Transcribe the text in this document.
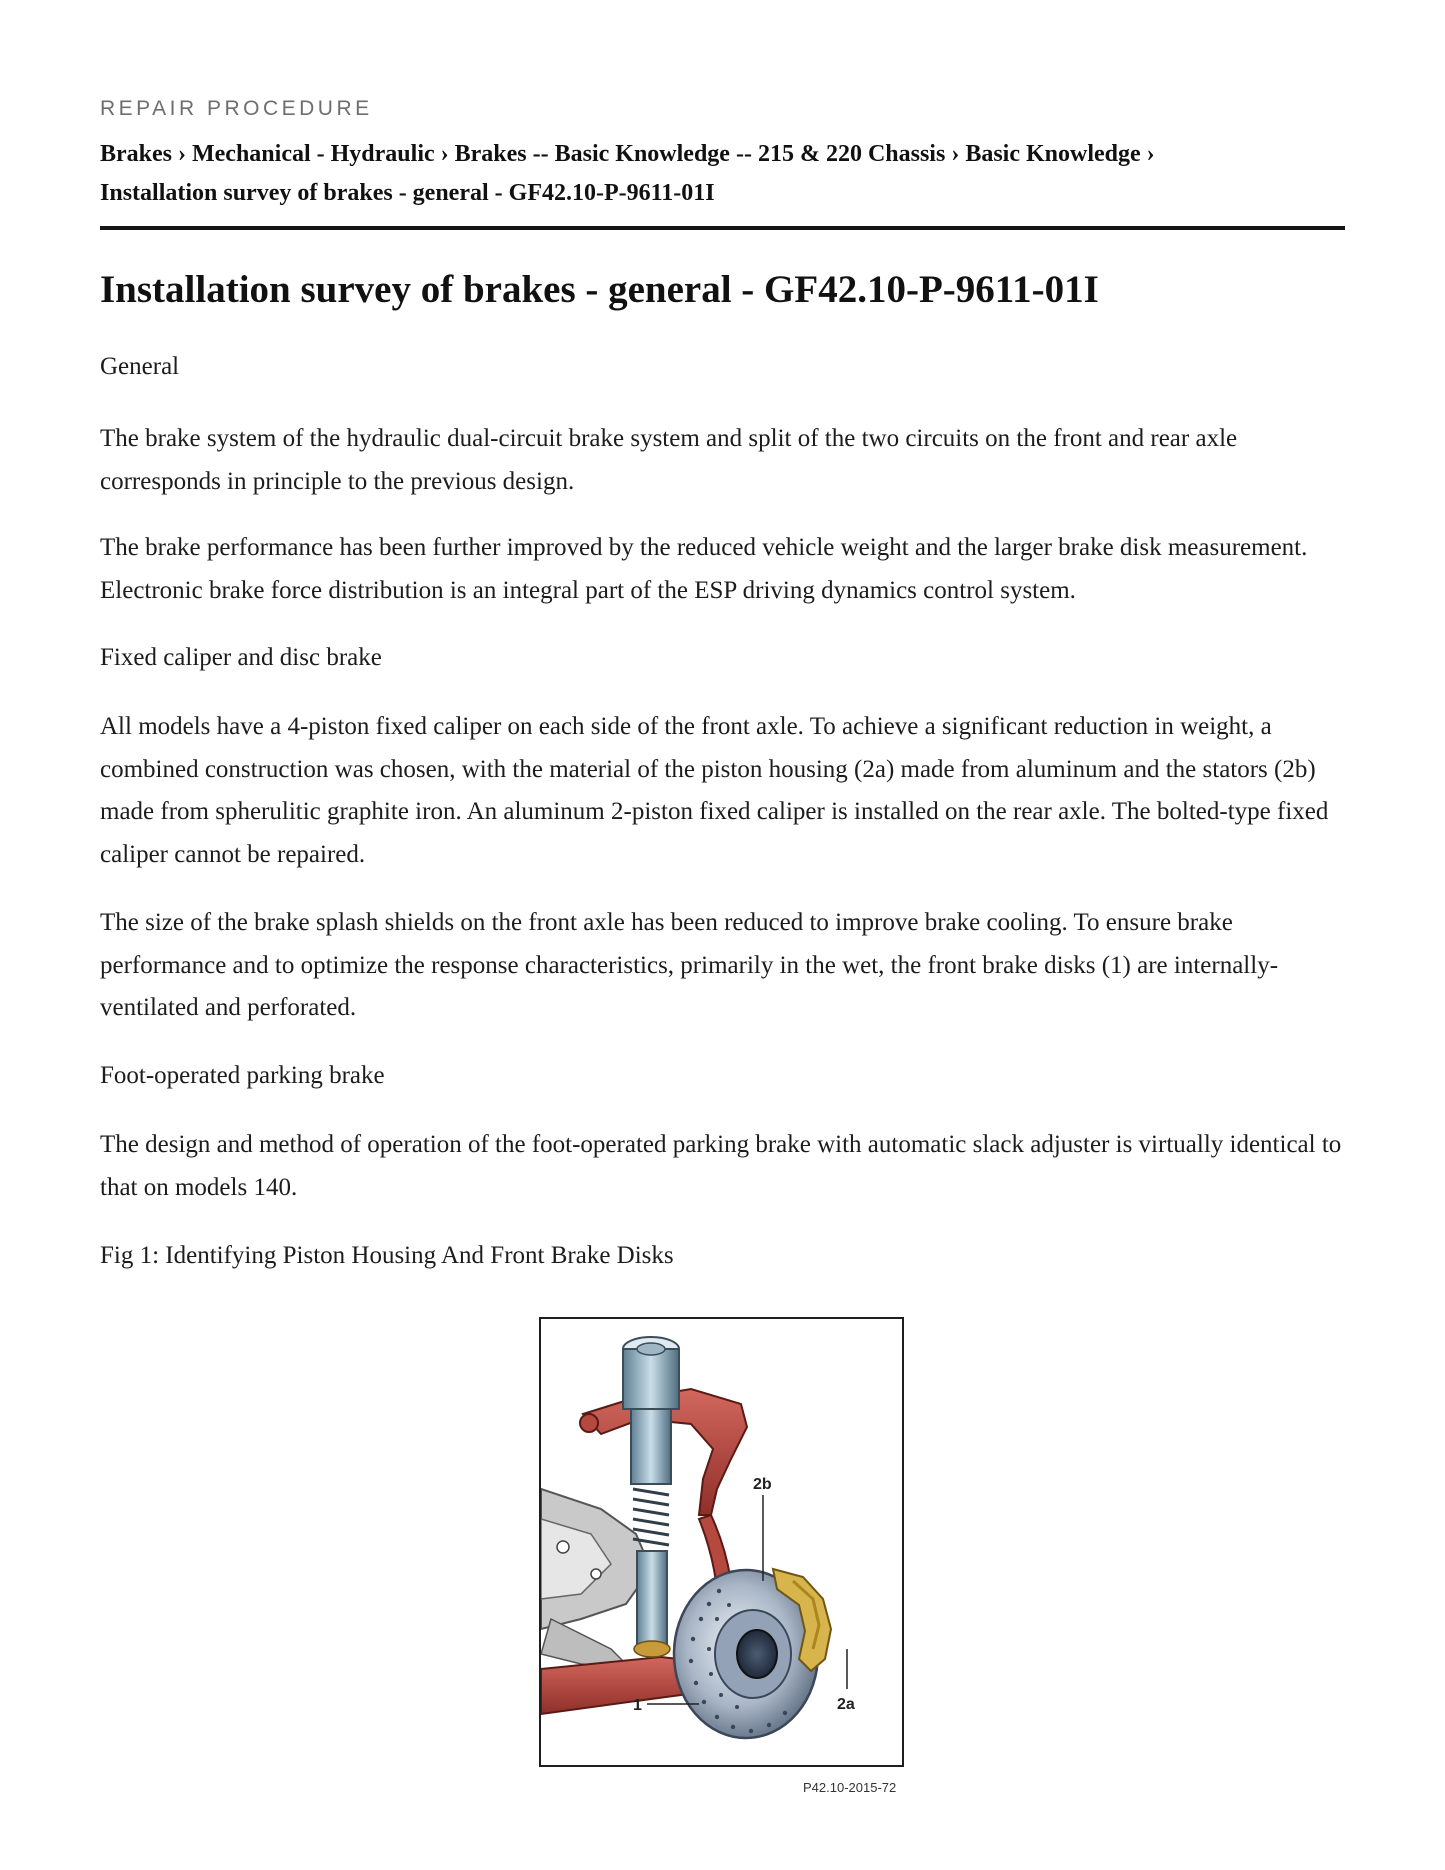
REPAIR PROCEDURE
Brakes › Mechanical - Hydraulic › Brakes -- Basic Knowledge -- 215 & 220 Chassis › Basic Knowledge ›
Installation survey of brakes - general - GF42.10-P-9611-01I
Installation survey of brakes - general - GF42.10-P-9611-01I

General

The brake system of the hydraulic dual-circuit brake system and split of the two circuits on the front and rear axle corresponds in principle to the previous design.

The brake performance has been further improved by the reduced vehicle weight and the larger brake disk measurement. Electronic brake force distribution is an integral part of the ESP driving dynamics control system.

Fixed caliper and disc brake

All models have a 4-piston fixed caliper on each side of the front axle. To achieve a significant reduction in weight, a combined construction was chosen, with the material of the piston housing (2a) made from aluminum and the stators (2b) made from spherulitic graphite iron. An aluminum 2-piston fixed caliper is installed on the rear axle. The bolted-type fixed caliper cannot be repaired.

The size of the brake splash shields on the front axle has been reduced to improve brake cooling. To ensure brake performance and to optimize the response characteristics, primarily in the wet, the front brake disks (1) are internally-ventilated and perforated.

Foot-operated parking brake

The design and method of operation of the foot-operated parking brake with automatic slack adjuster is virtually identical to that on models 140.

Fig 1: Identifying Piston Housing And Front Brake Disks

2b
1	2a
P42.10-2015-72
